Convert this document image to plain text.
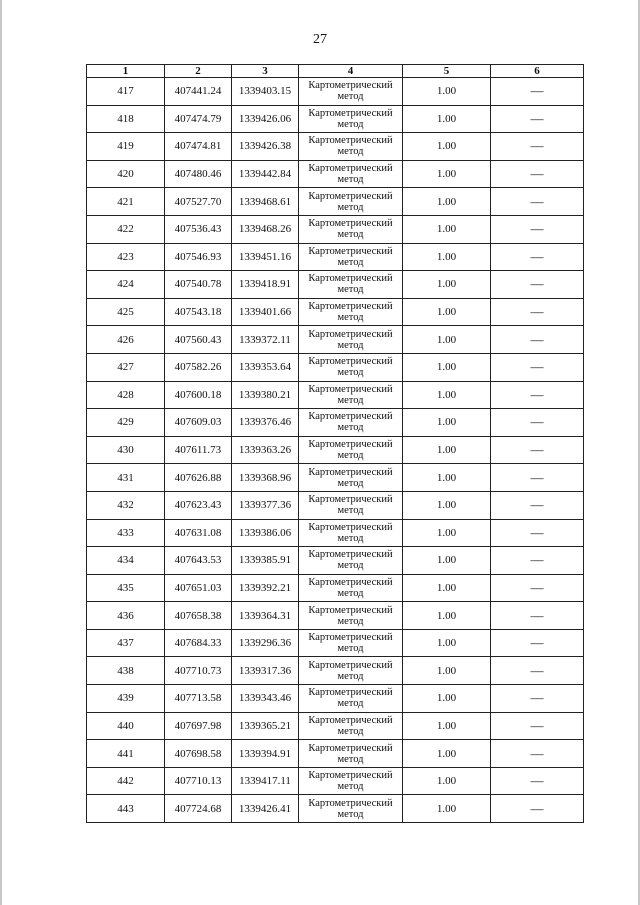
27
1	2	3	4	5	6
417	407441.24	1339403.15	Картометрический метод	1.00	—
418	407474.79	1339426.06	Картометрический метод	1.00	—
419	407474.81	1339426.38	Картометрический метод	1.00	—
420	407480.46	1339442.84	Картометрический метод	1.00	—
421	407527.70	1339468.61	Картометрический метод	1.00	—
422	407536.43	1339468.26	Картометрический метод	1.00	—
423	407546.93	1339451.16	Картометрический метод	1.00	—
424	407540.78	1339418.91	Картометрический метод	1.00	—
425	407543.18	1339401.66	Картометрический метод	1.00	—
426	407560.43	1339372.11	Картометрический метод	1.00	—
427	407582.26	1339353.64	Картометрический метод	1.00	—
428	407600.18	1339380.21	Картометрический метод	1.00	—
429	407609.03	1339376.46	Картометрический метод	1.00	—
430	407611.73	1339363.26	Картометрический метод	1.00	—
431	407626.88	1339368.96	Картометрический метод	1.00	—
432	407623.43	1339377.36	Картометрический метод	1.00	—
433	407631.08	1339386.06	Картометрический метод	1.00	—
434	407643.53	1339385.91	Картометрический метод	1.00	—
435	407651.03	1339392.21	Картометрический метод	1.00	—
436	407658.38	1339364.31	Картометрический метод	1.00	—
437	407684.33	1339296.36	Картометрический метод	1.00	—
438	407710.73	1339317.36	Картометрический метод	1.00	—
439	407713.58	1339343.46	Картометрический метод	1.00	—
440	407697.98	1339365.21	Картометрический метод	1.00	—
441	407698.58	1339394.91	Картометрический метод	1.00	—
442	407710.13	1339417.11	Картометрический метод	1.00	—
443	407724.68	1339426.41	Картометрический метод	1.00	—
